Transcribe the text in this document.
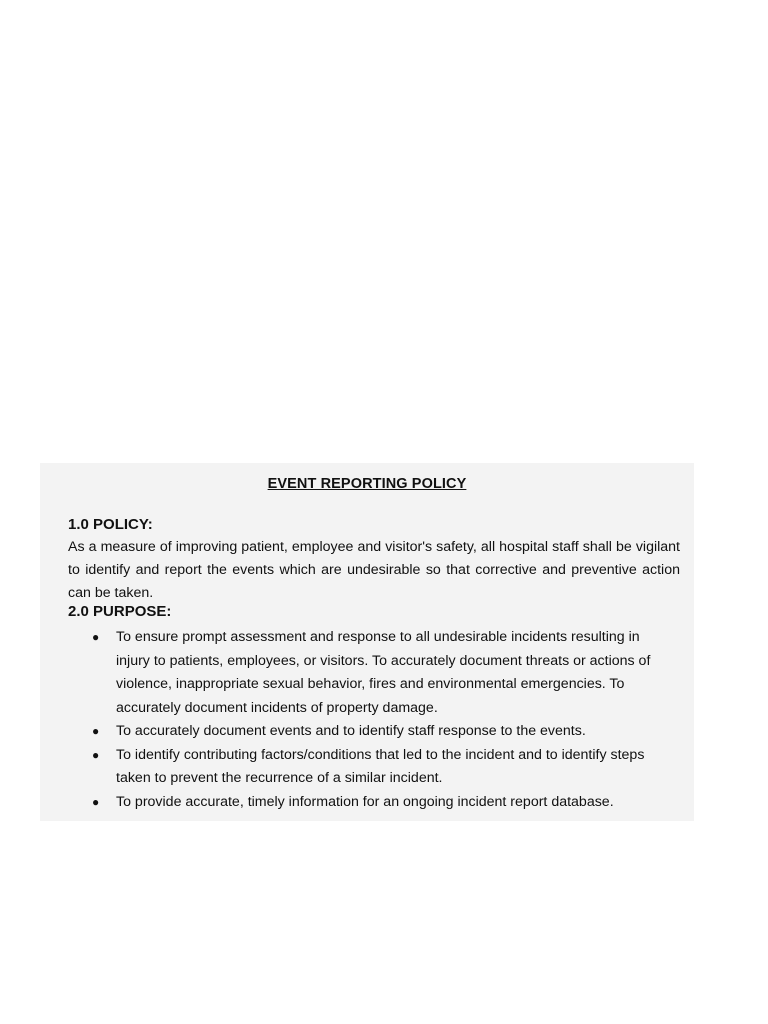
EVENT REPORTING POLICY
1.0 POLICY:
As a measure of improving patient, employee and visitor's safety, all hospital staff shall be vigilant to identify and report the events which are undesirable so that corrective and preventive action can be taken.
2.0 PURPOSE:
● To ensure prompt assessment and response to all undesirable incidents resulting in injury to patients, employees, or visitors. To accurately document threats or actions of violence, inappropriate sexual behavior, fires and environmental emergencies. To accurately document incidents of property damage.
● To accurately document events and to identify staff response to the events.
● To identify contributing factors/conditions that led to the incident and to identify steps taken to prevent the recurrence of a similar incident.
● To provide accurate, timely information for an ongoing incident report database.
